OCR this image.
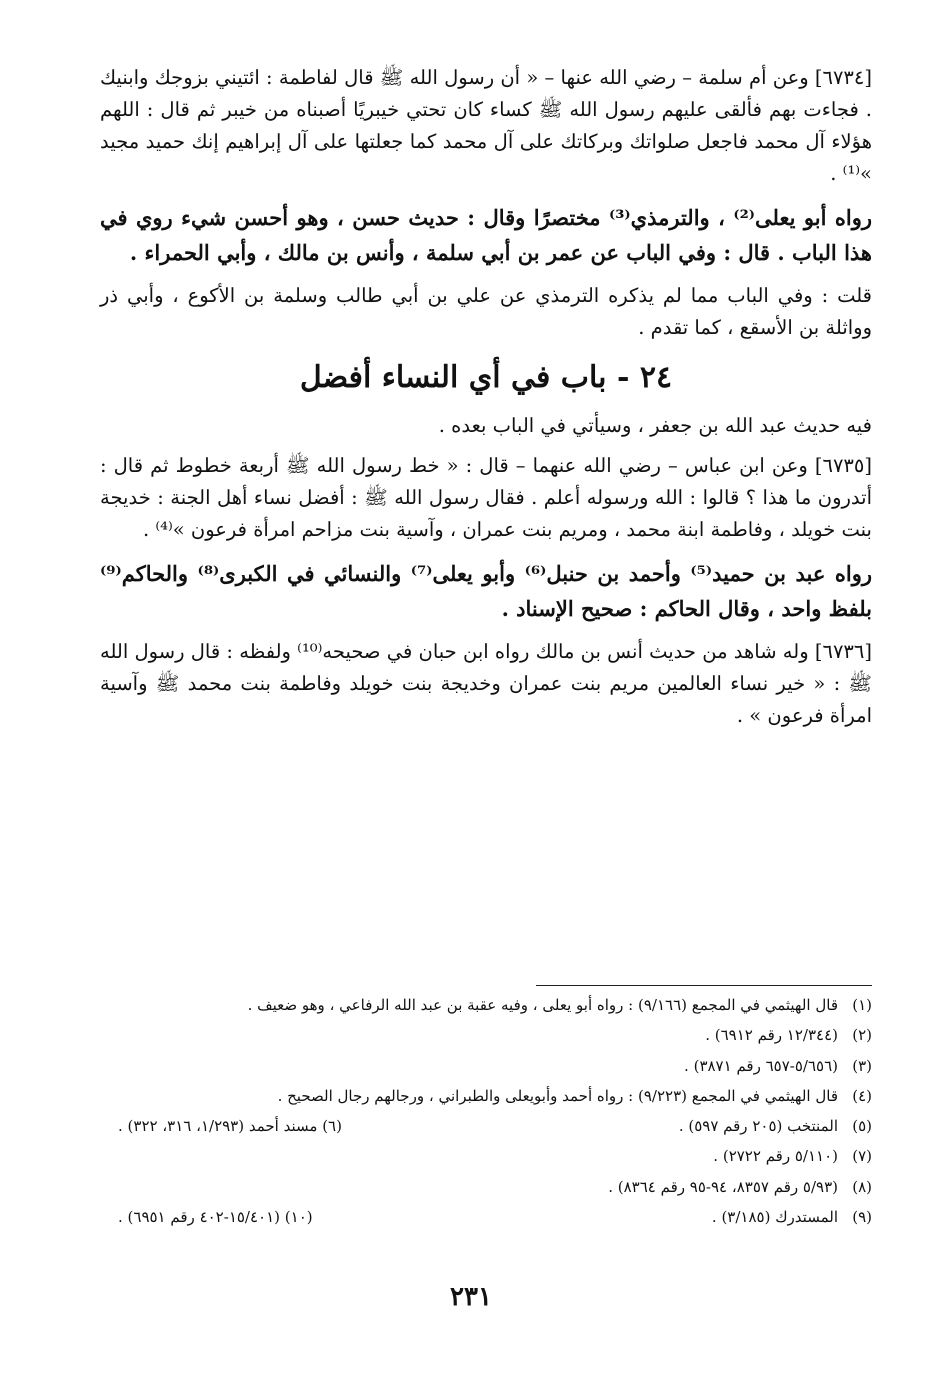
[٦٧٣٤] وعن أم سلمة – رضي الله عنها – « أن رسول الله ﷺ قال لفاطمة : ائتيني بزوجك وابنيك . فجاءت بهم فألقى عليهم رسول الله ﷺ كساء كان تحتي خيبريًا أصبناه من خيبر ثم قال : اللهم هؤلاء آل محمد فاجعل صلواتك وبركاتك على آل محمد كما جعلتها على آل إبراهيم إنك حميد مجيد »⁽¹⁾ .

رواه أبو يعلى⁽²⁾ ، والترمذي⁽³⁾ مختصرًا وقال : حديث حسن ، وهو أحسن شيء روي في هذا الباب . قال : وفي الباب عن عمر بن أبي سلمة ، وأنس بن مالك ، وأبي الحمراء .

قلت : وفي الباب مما لم يذكره الترمذي عن علي بن أبي طالب وسلمة بن الأكوع ، وأبي ذر وواثلة بن الأسقع ، كما تقدم .

٢٤ - باب في أي النساء أفضل

فيه حديث عبد الله بن جعفر ، وسيأتي في الباب بعده .

[٦٧٣٥] وعن ابن عباس – رضي الله عنهما – قال : « خط رسول الله ﷺ أربعة خطوط ثم قال : أتدرون ما هذا ؟ قالوا : الله ورسوله أعلم . فقال رسول الله ﷺ : أفضل نساء أهل الجنة : خديجة بنت خويلد ، وفاطمة ابنة محمد ، ومريم بنت عمران ، وآسية بنت مزاحم امرأة فرعون »⁽⁴⁾ .

رواه عبد بن حميد⁽⁵⁾ وأحمد بن حنبل⁽⁶⁾ وأبو يعلى⁽⁷⁾ والنسائي في الكبرى⁽⁸⁾ والحاكم⁽⁹⁾ بلفظ واحد ، وقال الحاكم : صحيح الإسناد .

[٦٧٣٦] وله شاهد من حديث أنس بن مالك رواه ابن حبان في صحيحه⁽¹⁰⁾ ولفظه : قال رسول الله ﷺ : « خير نساء العالمين مريم بنت عمران وخديجة بنت خويلد وفاطمة بنت محمد ﷺ وآسية امرأة فرعون » .

(١)قال الهيثمي في المجمع (٩/١٦٦) : رواه أبو يعلى ، وفيه عقبة بن عبد الله الرفاعي ، وهو ضعيف .
(٢)(١٢/٣٤٤ رقم ٦٩١٢) .
(٣)(٥/٦٥٦-٦٥٧ رقم ٣٨٧١) .
(٤)قال الهيثمي في المجمع (٩/٢٢٣) : رواه أحمد وأبويعلى والطبراني ، ورجالهم رجال الصحيح .
(٥)المنتخب (٢٠٥ رقم ٥٩٧) .
(٦) مسند أحمد (١/٢٩٣، ٣١٦، ٣٢٢) .
(٧)(٥/١١٠ رقم ٢٧٢٢) .
(٨)(٥/٩٣ رقم ٨٣٥٧، ٩٤-٩٥ رقم ٨٣٦٤) .
(٩)المستدرك (٣/١٨٥) .
(١٠) (١٥/٤٠١-٤٠٢ رقم ٦٩٥١) .
٢٣١
